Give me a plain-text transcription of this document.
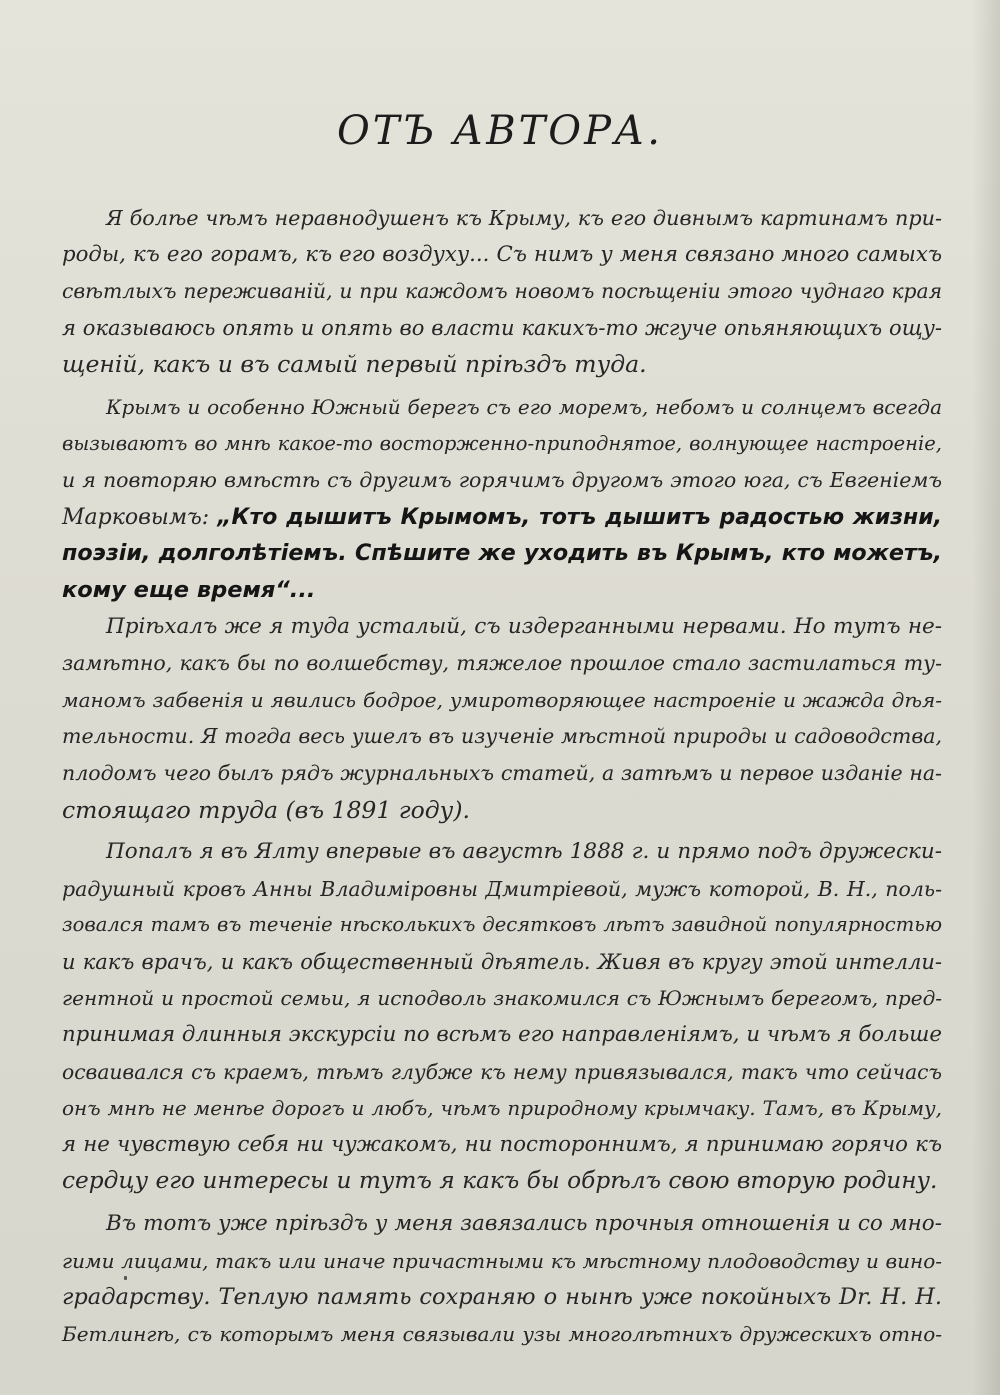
ОТЪ АВТОРА.
Я болѣе чѣмъ неравнодушенъ къ Крыму, къ его дивнымъ картинамъ при-
роды, къ его горамъ, къ его воздуху... Съ нимъ у меня связано много самыхъ
свѣтлыхъ переживаній, и при каждомъ новомъ посѣщеніи этого чуднаго края
я оказываюсь опять и опять во власти какихъ-то жгуче опьяняющихъ ощу-
щеній, какъ и въ самый первый пріѣздъ туда.
Крымъ и особенно Южный берегъ съ его моремъ, небомъ и солнцемъ всегда
вызываютъ во мнѣ какое-то восторженно-приподнятое, волнующее настроеніе,
и я повторяю вмѣстѣ съ другимъ горячимъ другомъ этого юга, съ Евгеніемъ
Марковымъ: „Кто дышитъ Крымомъ, тотъ дышитъ радостью жизни,
поэзіи, долголѣтіемъ. Спѣшите же уходить въ Крымъ, кто можетъ,
кому еще время“...
Пріѣхалъ же я туда усталый, съ издерганными нервами. Но тутъ не-
замѣтно, какъ бы по волшебству, тяжелое прошлое стало застилаться ту-
маномъ забвенія и явились бодрое, умиротворяющее настроеніе и жажда дѣя-
тельности. Я тогда весь ушелъ въ изученіе мѣстной природы и садоводства,
плодомъ чего былъ рядъ журнальныхъ статей, а затѣмъ и первое изданіе на-
стоящаго труда (въ 1891 году).
Попалъ я въ Ялту впервые въ августѣ 1888 г. и прямо подъ дружески-
радушный кровъ Анны Владиміровны Дмитріевой, мужъ которой, В. Н., поль-
зовался тамъ въ теченіе нѣсколькихъ десятковъ лѣтъ завидной популярностью
и какъ врачъ, и какъ общественный дѣятель. Живя въ кругу этой интелли-
гентной и простой семьи, я исподволь знакомился съ Южнымъ берегомъ, пред-
принимая длинныя экскурсіи по всѣмъ его направленіямъ, и чѣмъ я больше
осваивался съ краемъ, тѣмъ глубже къ нему привязывался, такъ что сейчасъ
онъ мнѣ не менѣе дорогъ и любъ, чѣмъ природному крымчаку. Тамъ, въ Крыму,
я не чувствую себя ни чужакомъ, ни постороннимъ, я принимаю горячо къ
сердцу его интересы и тутъ я какъ бы обрѣлъ свою вторую родину.
Въ тотъ уже пріѣздъ у меня завязались прочныя отношенія и со мно-
гими лицами, такъ или иначе причастными къ мѣстному плодоводству и вино-
градарству. Теплую память сохраняю о нынѣ уже покойныхъ Dr. Н. Н.
Бетлингѣ, съ которымъ меня связывали узы многолѣтнихъ дружескихъ отно-
